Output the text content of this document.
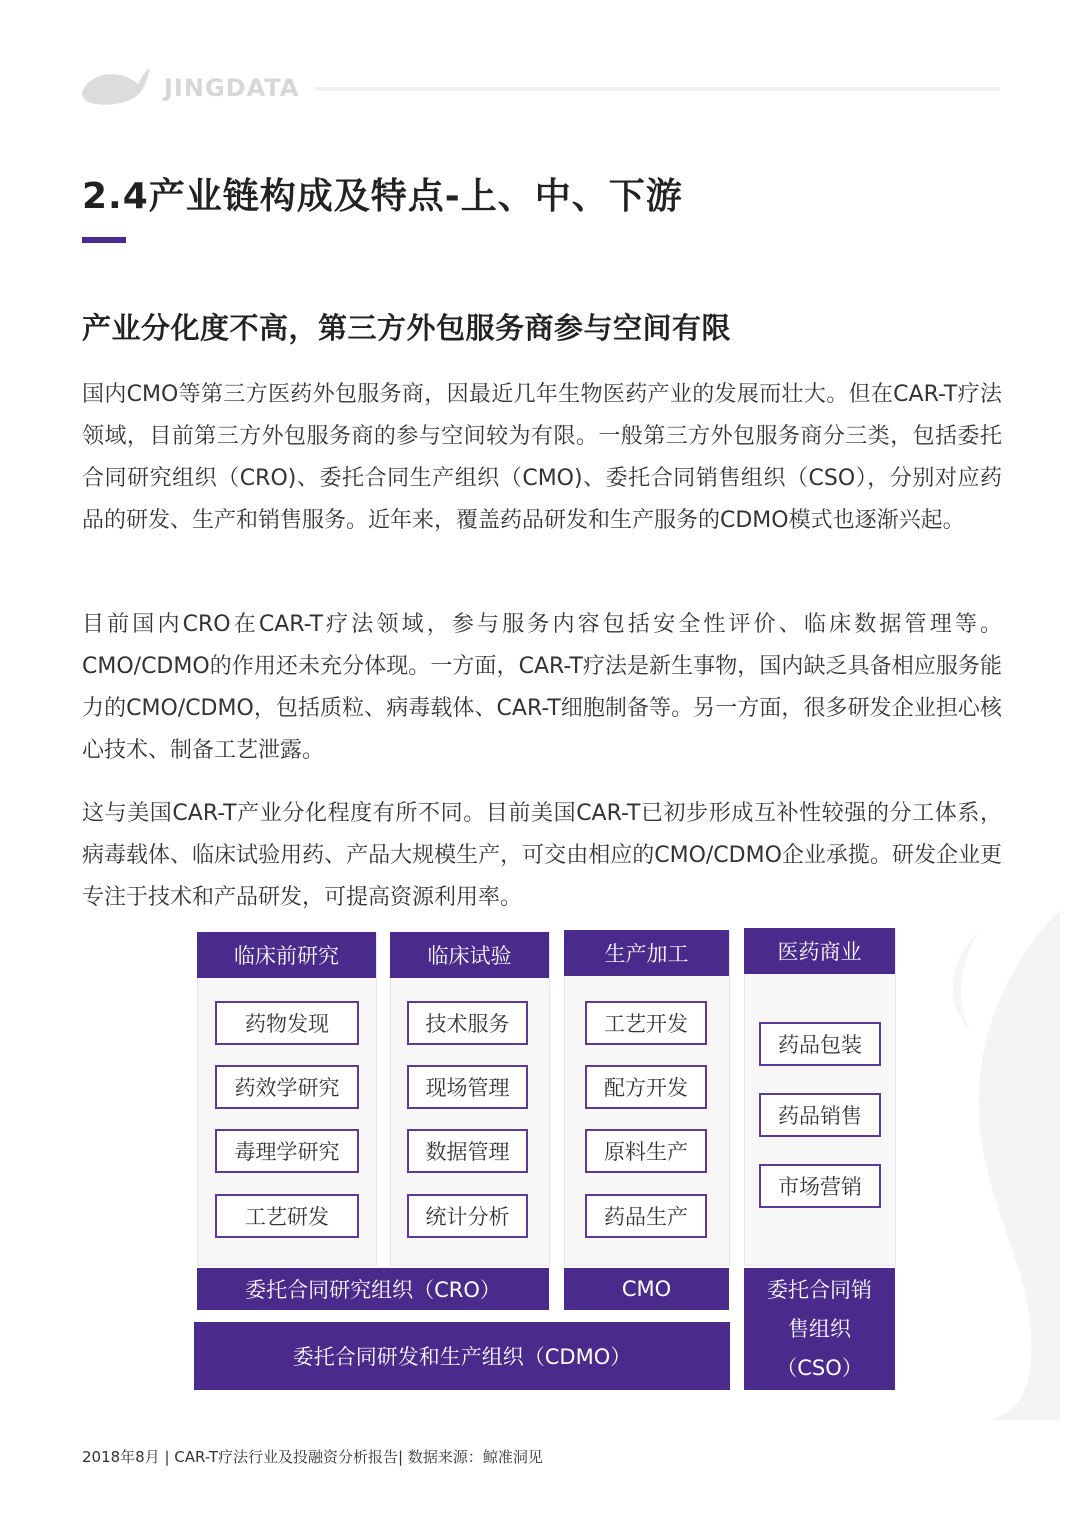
JINGDATA
2.4产业链构成及特点-上、中、下游
产业分化度不高，第三方外包服务商参与空间有限

国内CMO等第三方医药外包服务商，因最近几年生物医药产业的发展而壮大。但在CAR-T疗法领域，目前第三方外包服务商的参与空间较为有限。一般第三方外包服务商分三类，包括委托合同研究组织（CRO)、委托合同生产组织（CMO)、委托合同销售组织（CSO），分别对应药品的研发、生产和销售服务。近年来，覆盖药品研发和生产服务的CDMO模式也逐渐兴起。

目前国内CRO在CAR-T疗法领域，参与服务内容包括安全性评价、临床数据管理等。CMO/CDMO的作用还未充分体现。一方面，CAR-T疗法是新生事物，国内缺乏具备相应服务能力的CMO/CDMO，包括质粒、病毒载体、CAR-T细胞制备等。另一方面，很多研发企业担心核心技术、制备工艺泄露。

这与美国CAR-T产业分化程度有所不同。目前美国CAR-T已初步形成互补性较强的分工体系，病毒载体、临床试验用药、产品大规模生产，可交由相应的CMO/CDMO企业承揽。研发企业更专注于技术和产品研发，可提高资源利用率。

临床前研究
药物发现
药效学研究
毒理学研究
工艺研发
临床试验
技术服务
现场管理
数据管理
统计分析
生产加工
工艺开发
配方开发
原料生产
药品生产
医药商业
药品包装
药品销售
市场营销
委托合同研究组织（CRO）	CMO
委托合同研发和生产组织（CDMO）
委托合同销售组织（CSO）
2018年8月 | CAR-T疗法行业及投融资分析报告| 数据来源：鲸准洞见
